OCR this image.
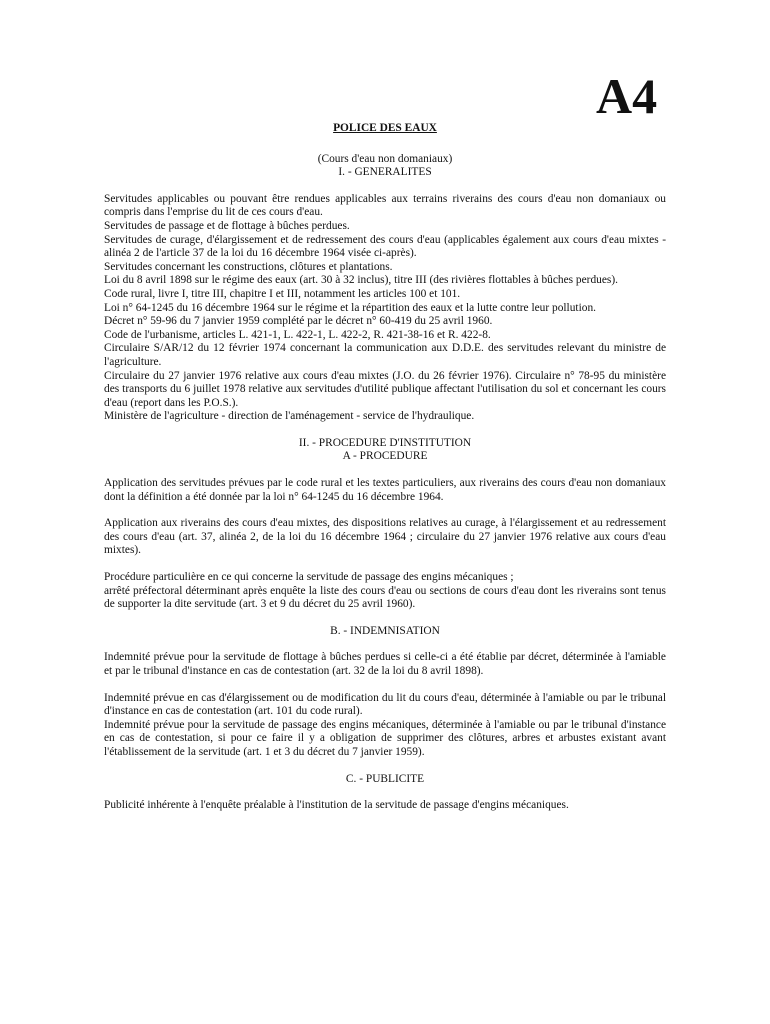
A4
POLICE DES EAUX
(Cours d'eau non domaniaux)
I. - GENERALITES

Servitudes applicables ou pouvant être rendues applicables aux terrains riverains des cours d'eau non domaniaux ou compris dans l'emprise du lit de ces cours d'eau.

Servitudes de passage et de flottage à bûches perdues.

Servitudes de curage, d'élargissement et de redressement des cours d'eau (applicables également aux cours d'eau mixtes - alinéa 2 de l'article 37 de la loi du 16 décembre 1964 visée ci-après).

Servitudes concernant les constructions, clôtures et plantations.

Loi du 8 avril 1898 sur le régime des eaux (art. 30 à 32 inclus), titre III (des rivières flottables à bûches perdues).

Code rural, livre I, titre III, chapitre I et III, notamment les articles 100 et 101.

Loi n° 64-1245 du 16 décembre 1964 sur le régime et la répartition des eaux et la lutte contre leur pollution.

Décret n° 59-96 du 7 janvier 1959 complété par le décret n° 60-419 du 25 avril 1960.

Code de l'urbanisme, articles L. 421-1, L. 422-1, L. 422-2, R. 421-38-16 et R. 422-8.

Circulaire S/AR/12 du 12 février 1974 concernant la communication aux D.D.E. des servitudes relevant du ministre de l'agriculture.

Circulaire du 27 janvier 1976 relative aux cours d'eau mixtes (J.O. du 26 février 1976). Circulaire n° 78-95 du ministère des transports du 6 juillet 1978 relative aux servitudes d'utilité publique affectant l'utilisation du sol et concernant les cours d'eau (report dans les P.O.S.).

Ministère de l'agriculture - direction de l'aménagement - service de l'hydraulique.

II. - PROCEDURE D'INSTITUTION
A - PROCEDURE

Application des servitudes prévues par le code rural et les textes particuliers, aux riverains des cours d'eau non domaniaux dont la définition a été donnée par la loi n° 64-1245 du 16 décembre 1964.

Application aux riverains des cours d'eau mixtes, des dispositions relatives au curage, à l'élargissement et au redressement des cours d'eau (art. 37, alinéa 2, de la loi du 16 décembre 1964 ; circulaire du 27 janvier 1976 relative aux cours d'eau mixtes).

Procédure particulière en ce qui concerne la servitude de passage des engins mécaniques ;

arrêté préfectoral déterminant après enquête la liste des cours d'eau ou sections de cours d'eau dont les riverains sont tenus de supporter la dite servitude (art. 3 et 9 du décret du 25 avril 1960).

B. - INDEMNISATION

Indemnité prévue pour la servitude de flottage à bûches perdues si celle-ci a été établie par décret, déterminée à l'amiable et par le tribunal d'instance en cas de contestation (art. 32 de la loi du 8 avril 1898).

Indemnité prévue en cas d'élargissement ou de modification du lit du cours d'eau, déterminée à l'amiable ou par le tribunal d'instance en cas de contestation (art. 101 du code rural).

Indemnité prévue pour la servitude de passage des engins mécaniques, déterminée à l'amiable ou par le tribunal d'instance en cas de contestation, si pour ce faire il y a obligation de supprimer des clôtures, arbres et arbustes existant avant l'établissement de la servitude (art. 1 et 3 du décret du 7 janvier 1959).

C. - PUBLICITE

Publicité inhérente à l'enquête préalable à l'institution de la servitude de passage d'engins mécaniques.
